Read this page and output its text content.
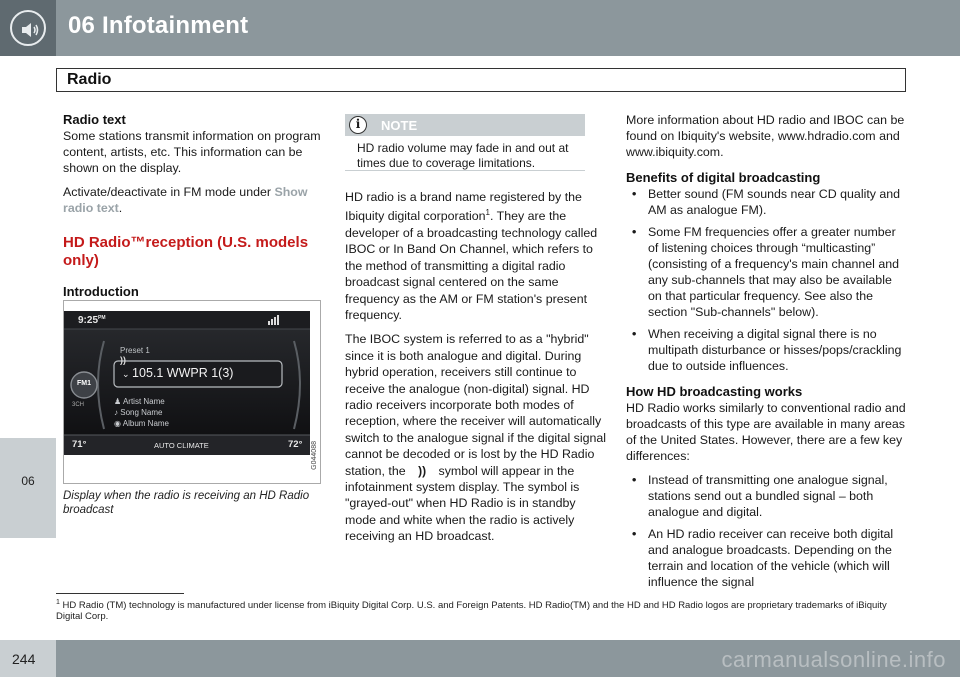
06 Infotainment
Radio
06
Radio text

Some stations transmit information on program content, artists, etc. This information can be shown on the display.

Activate/deactivate in FM mode under Show radio text.

HD Radio™reception (U.S. models only)
Introduction
$9:25^{PM}$
))
Preset 1
FM1
3CH
⌄ 105.1 WWPR 1(3)
♟ Artist Name
♪ Song Name
◉ Album Name
71°	AUTO CLIMATE	72° G044088
Display when the radio is receiving an HD Radio broadcast
i	NOTE
HD radio volume may fade in and out at times due to coverage limitations.

HD radio is a brand name registered by the Ibiquity digital corporation$^1$. They are the developer of a broadcasting technology called IBOC or In Band On Channel, which refers to the method of transmitting a digital radio broadcast signal centered on the same frequency as the AM or FM station's present frequency.

The IBOC system is referred to as a "hybrid" since it is both analogue and digital. During hybrid operation, receivers still continue to receive the analogue (non-digital) signal. HD radio receivers incorporate both modes of reception, where the receiver will automatically switch to the analogue signal if the digital signal cannot be decoded or is lost by the HD Radio station, the )) symbol will appear in the infotainment system display. The symbol is "grayed-out" when HD Radio is in standby mode and white when the radio is actively receiving an HD broadcast.

More information about HD radio and IBOC can be found on Ibiquity's website, www.hdradio.com and www.ibiquity.com.

Benefits of digital broadcasting
• Better sound (FM sounds near CD quality and AM as analogue FM).
• Some FM frequencies offer a greater number of listening choices through “multicasting” (consisting of a frequency's main channel and any sub-channels that may also be available on that particular frequency. See also the section "Sub-channels" below).
• When receiving a digital signal there is no multipath disturbance or hisses/pops/crackling due to outside influences.
How HD broadcasting works

HD Radio works similarly to conventional radio and broadcasts of this type are available in many areas of the United States. However, there are a few key differences:

• Instead of transmitting one analogue signal, stations send out a bundled signal – both analogue and digital.
• An HD radio receiver can receive both digital and analogue broadcasts. Depending on the terrain and location of the vehicle (which will influence the signal
$^1$ HD Radio (TM) technology is manufactured under license from iBiquity Digital Corp. U.S. and Foreign Patents. HD Radio(TM) and the HD and HD Radio logos are proprietary trademarks of iBiquity Digital Corp.
carmanualsonline.info
244
